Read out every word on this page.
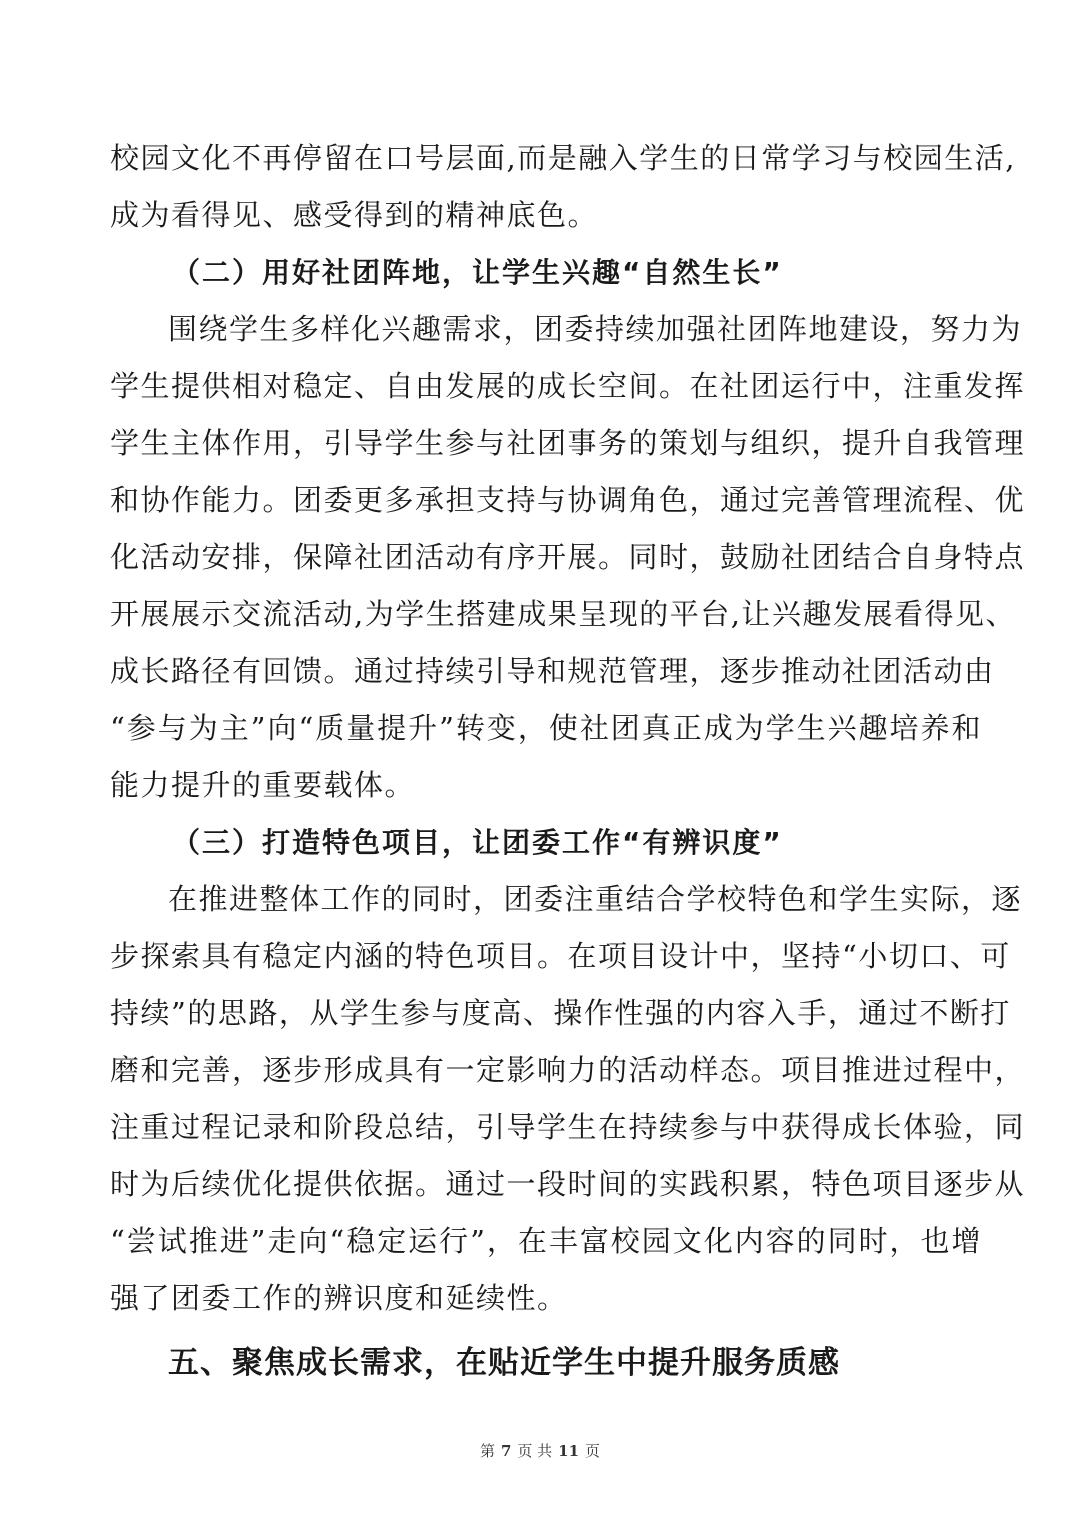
校园文化不再停留在口号层面,而是融入学生的日常学习与校园生活,
成为看得见、感受得到的精神底色。
（二）用好社团阵地，让学生兴趣“自然生长”
围绕学生多样化兴趣需求，团委持续加强社团阵地建设，努力为
学生提供相对稳定、自由发展的成长空间。在社团运行中，注重发挥
学生主体作用，引导学生参与社团事务的策划与组织，提升自我管理
和协作能力。团委更多承担支持与协调角色，通过完善管理流程、优
化活动安排，保障社团活动有序开展。同时，鼓励社团结合自身特点
开展展示交流活动,为学生搭建成果呈现的平台,让兴趣发展看得见、
成长路径有回馈。通过持续引导和规范管理，逐步推动社团活动由
“参与为主”向“质量提升”转变，使社团真正成为学生兴趣培养和
能力提升的重要载体。
（三）打造特色项目，让团委工作“有辨识度”
在推进整体工作的同时，团委注重结合学校特色和学生实际，逐
步探索具有稳定内涵的特色项目。在项目设计中，坚持“小切口、可
持续”的思路，从学生参与度高、操作性强的内容入手，通过不断打
磨和完善，逐步形成具有一定影响力的活动样态。项目推进过程中，
注重过程记录和阶段总结，引导学生在持续参与中获得成长体验，同
时为后续优化提供依据。通过一段时间的实践积累，特色项目逐步从
“尝试推进”走向“稳定运行”，在丰富校园文化内容的同时，也增
强了团委工作的辨识度和延续性。
五、聚焦成长需求，在贴近学生中提升服务质感
第 7 页 共 11 页
